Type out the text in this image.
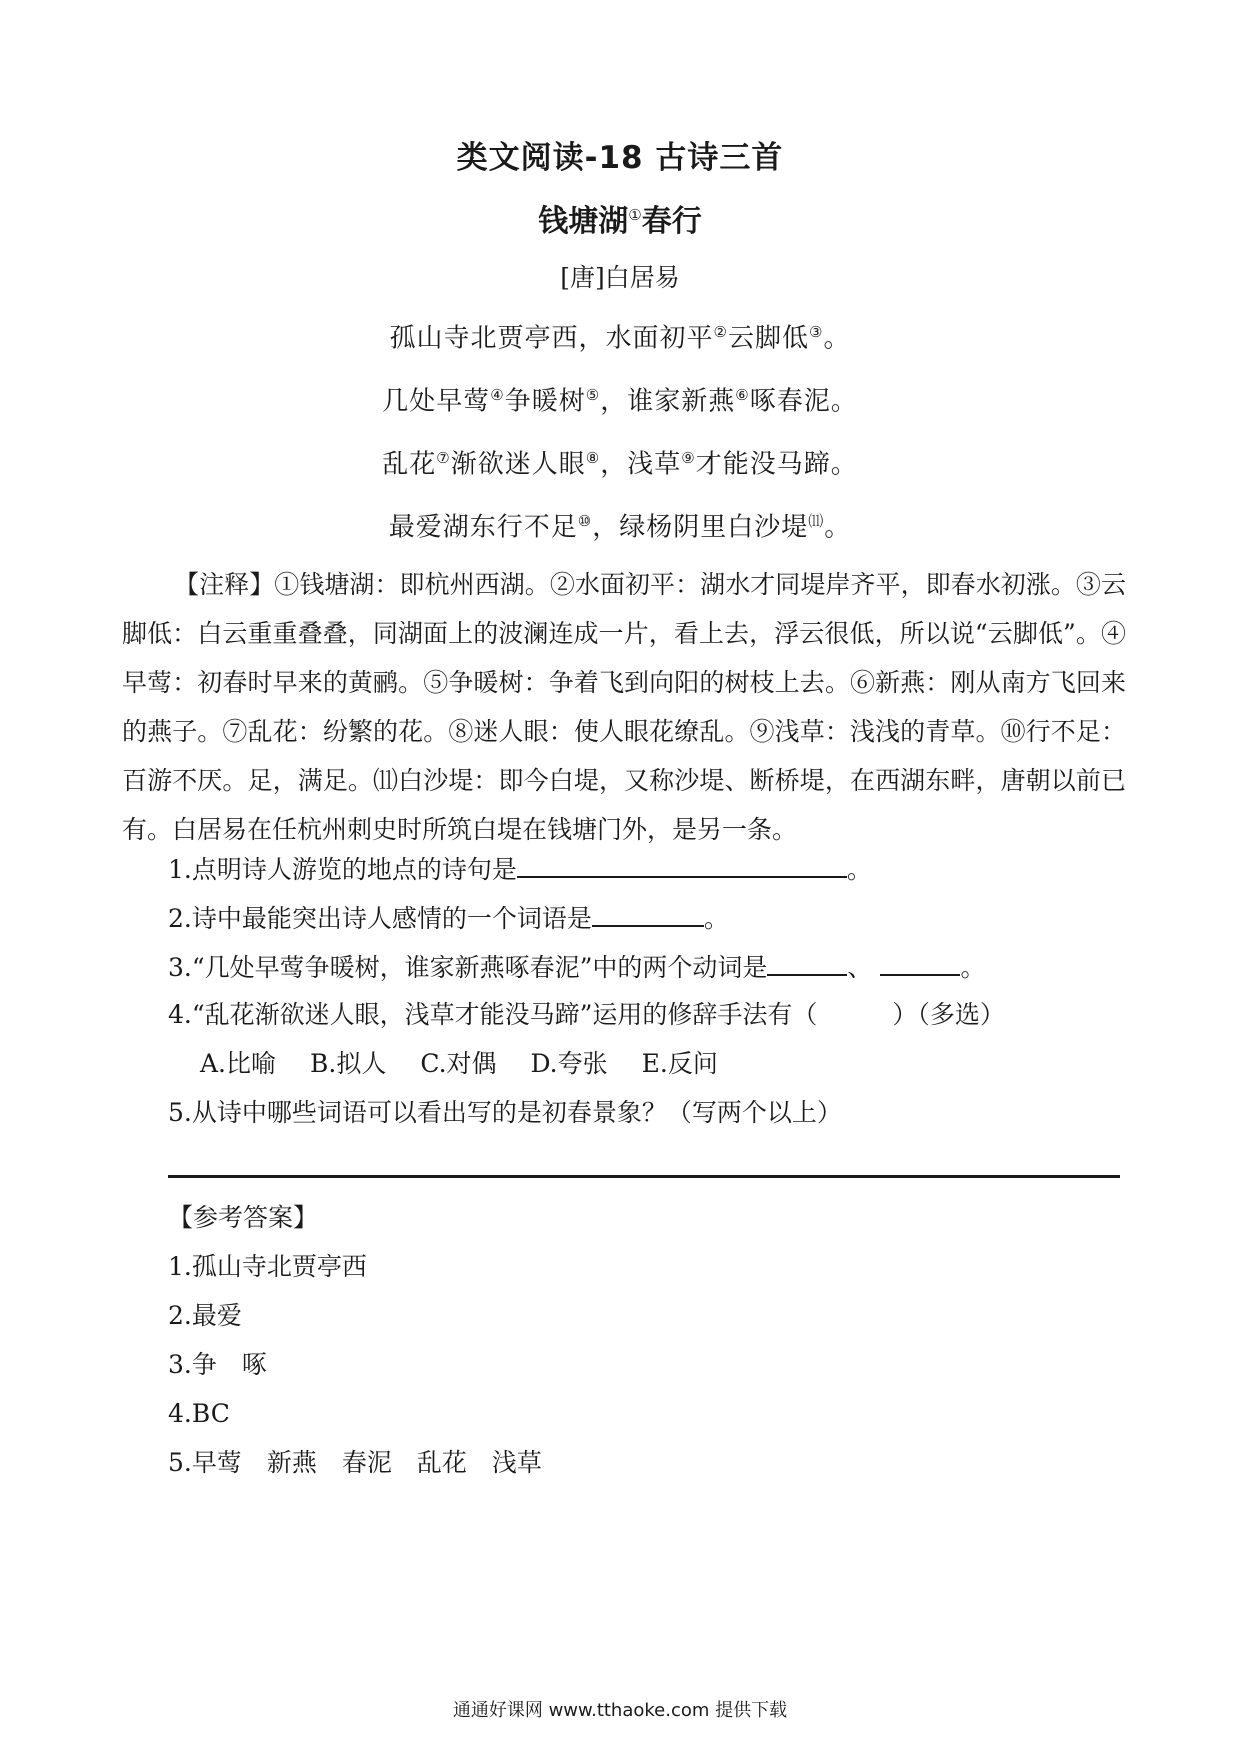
类文阅读-18 古诗三首
钱塘湖①春行
[唐]白居易
孤山寺北贾亭西，水面初平②云脚低③。
几处早莺④争暖树⑤，谁家新燕⑥啄春泥。
乱花⑦渐欲迷人眼⑧，浅草⑨才能没马蹄。
最爱湖东行不足⑩，绿杨阴里白沙堤⑾。
【注释】①钱塘湖：即杭州西湖。②水面初平：湖水才同堤岸齐平，即春水初涨。③云脚低：白云重重叠叠，同湖面上的波澜连成一片，看上去，浮云很低，所以说“云脚低”。④早莺：初春时早来的黄鹂。⑤争暖树：争着飞到向阳的树枝上去。⑥新燕：刚从南方飞回来的燕子。⑦乱花：纷繁的花。⑧迷人眼：使人眼花缭乱。⑨浅草：浅浅的青草。⑩行不足：百游不厌。足，满足。⑾白沙堤：即今白堤，又称沙堤、断桥堤，在西湖东畔，唐朝以前已有。白居易在任杭州刺史时所筑白堤在钱塘门外，是另一条。
1.点明诗人游览的地点的诗句是	。
2.诗中最能突出诗人感情的一个词语是	。
3.“几处早莺争暖树，谁家新燕啄春泥”中的两个动词是	、	。
4.“乱花渐欲迷人眼，浅草才能没马蹄”运用的修辞手法有（　　　）（多选）
A.比喻 B.拟人 C.对偶 D.夸张 E.反问
5.从诗中哪些词语可以看出写的是初春景象？（写两个以上）
【参考答案】
1.孤山寺北贾亭西
2.最爱
3.争　啄
4.BC
5.早莺　新燕　春泥　乱花　浅草
通通好课网 www.tthaoke.com 提供下载
